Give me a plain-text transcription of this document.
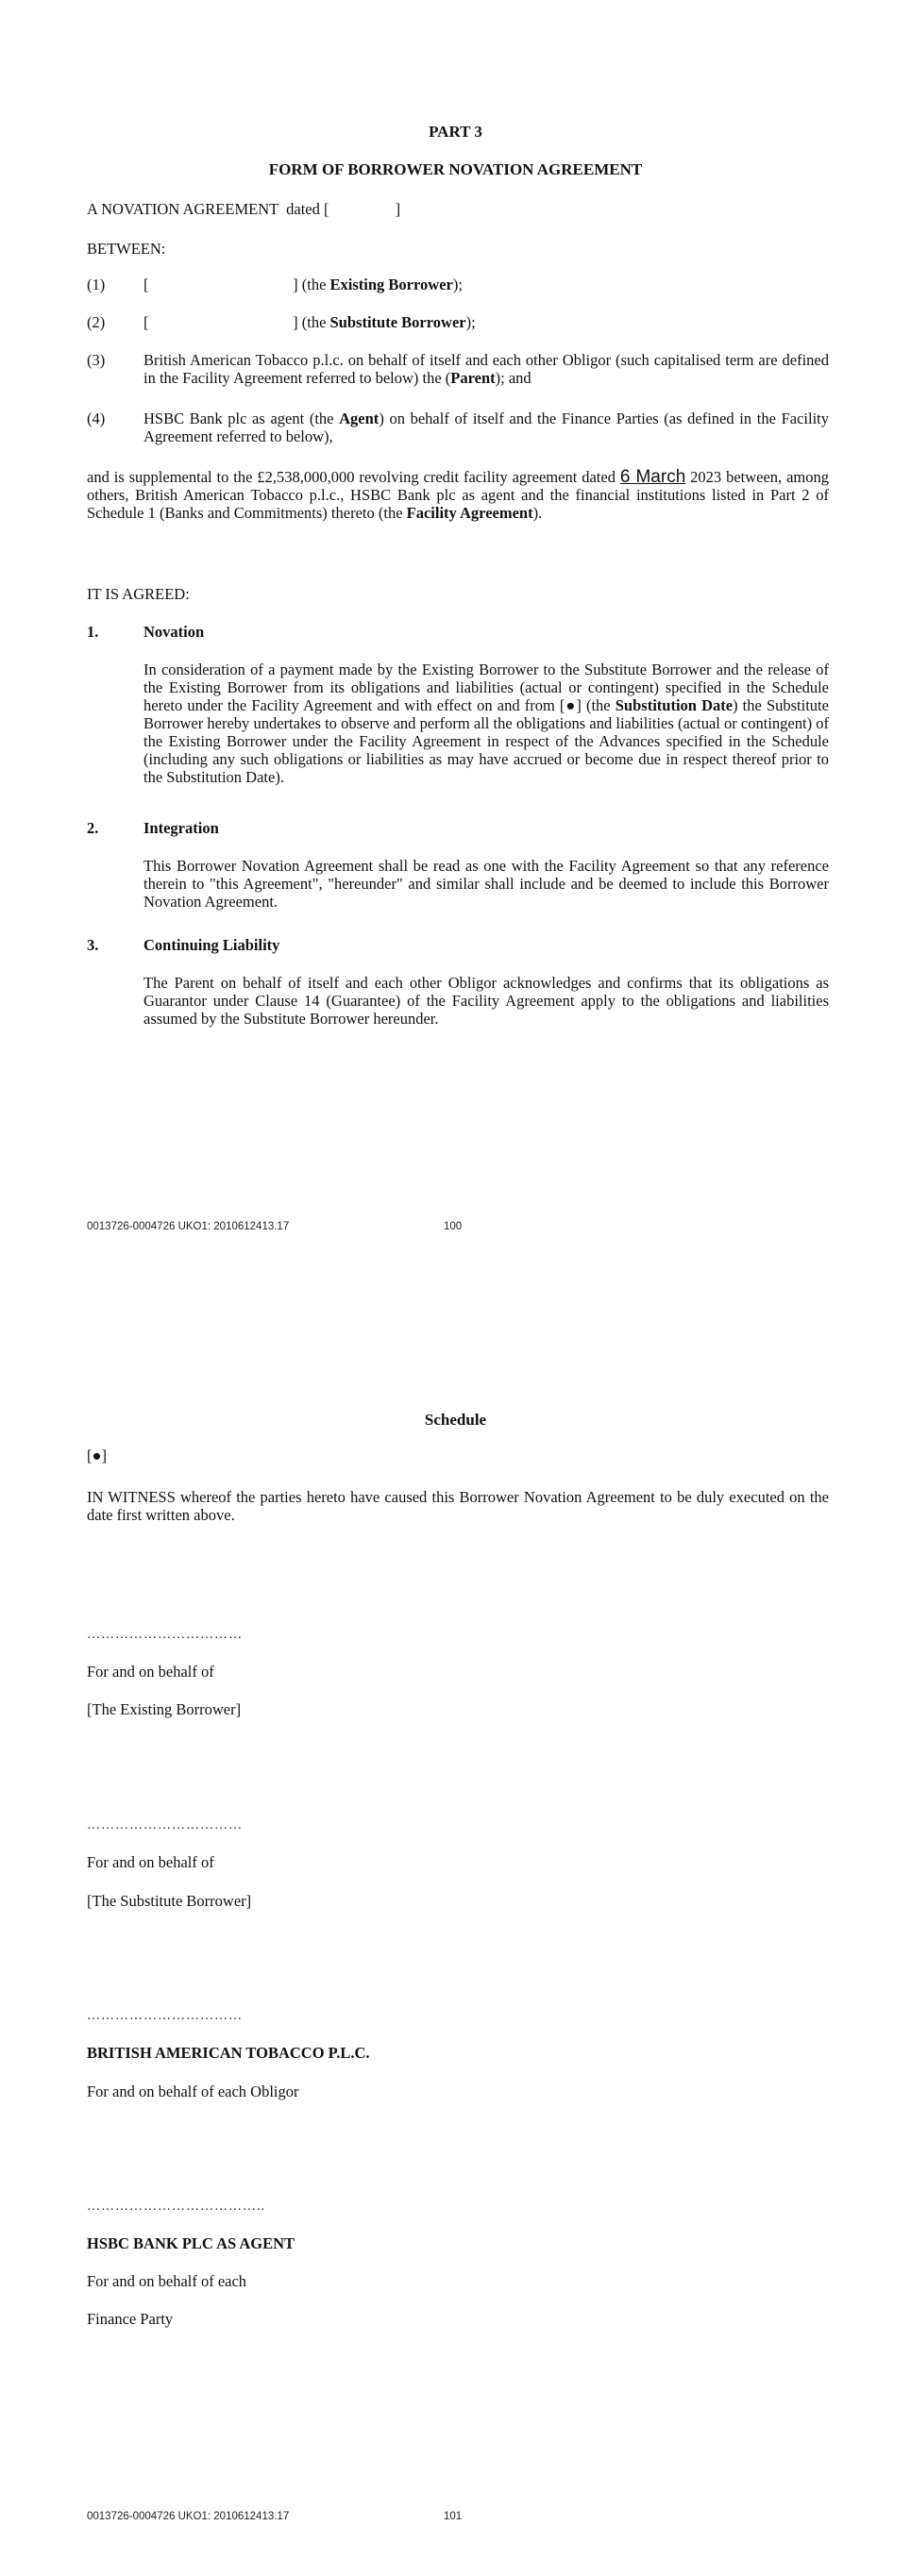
PART 3
FORM OF BORROWER NOVATION AGREEMENT
A NOVATION AGREEMENT  dated [                 ]
BETWEEN:
(1) [                                     ] (the Existing Borrower);
(2) [                                     ] (the Substitute Borrower);
(3) British American Tobacco p.l.c. on behalf of itself and each other Obligor (such capitalised term are defined in the Facility Agreement referred to below) the (Parent); and
(4) HSBC Bank plc as agent (the Agent) on behalf of itself and the Finance Parties (as defined in the Facility Agreement referred to below),
and is supplemental to the £2,538,000,000 revolving credit facility agreement dated 6 March 2023 between, among others, British American Tobacco p.l.c., HSBC Bank plc as agent and the financial institutions listed in Part 2 of Schedule 1 (Banks and Commitments) thereto (the Facility Agreement).
IT IS AGREED:
1.	Novation
In consideration of a payment made by the Existing Borrower to the Substitute Borrower and the release of the Existing Borrower from its obligations and liabilities (actual or contingent) specified in the Schedule hereto under the Facility Agreement and with effect on and from [●] (the Substitution Date) the Substitute Borrower hereby undertakes to observe and perform all the obligations and liabilities (actual or contingent) of the Existing Borrower under the Facility Agreement in respect of the Advances specified in the Schedule (including any such obligations or liabilities as may have accrued or become due in respect thereof prior to the Substitution Date).
2.	Integration
This Borrower Novation Agreement shall be read as one with the Facility Agreement so that any reference therein to "this Agreement", "hereunder" and similar shall include and be deemed to include this Borrower Novation Agreement.
3.	Continuing Liability
The Parent on behalf of itself and each other Obligor acknowledges and confirms that its obligations as Guarantor under Clause 14 (Guarantee) of the Facility Agreement apply to the obligations and liabilities assumed by the Substitute Borrower hereunder.
0013726-0004726 UKO1: 2010612413.17	100
Schedule
[●]
IN WITNESS whereof the parties hereto have caused this Borrower Novation Agreement to be duly executed on the date first written above.
……………………………
For and on behalf of
[The Existing Borrower]
……………………………
For and on behalf of
[The Substitute Borrower]
……………………………
BRITISH AMERICAN TOBACCO P.L.C.
For and on behalf of each Obligor
………………………………..
HSBC BANK PLC AS AGENT
For and on behalf of each
Finance Party
0013726-0004726 UKO1: 2010612413.17	101
